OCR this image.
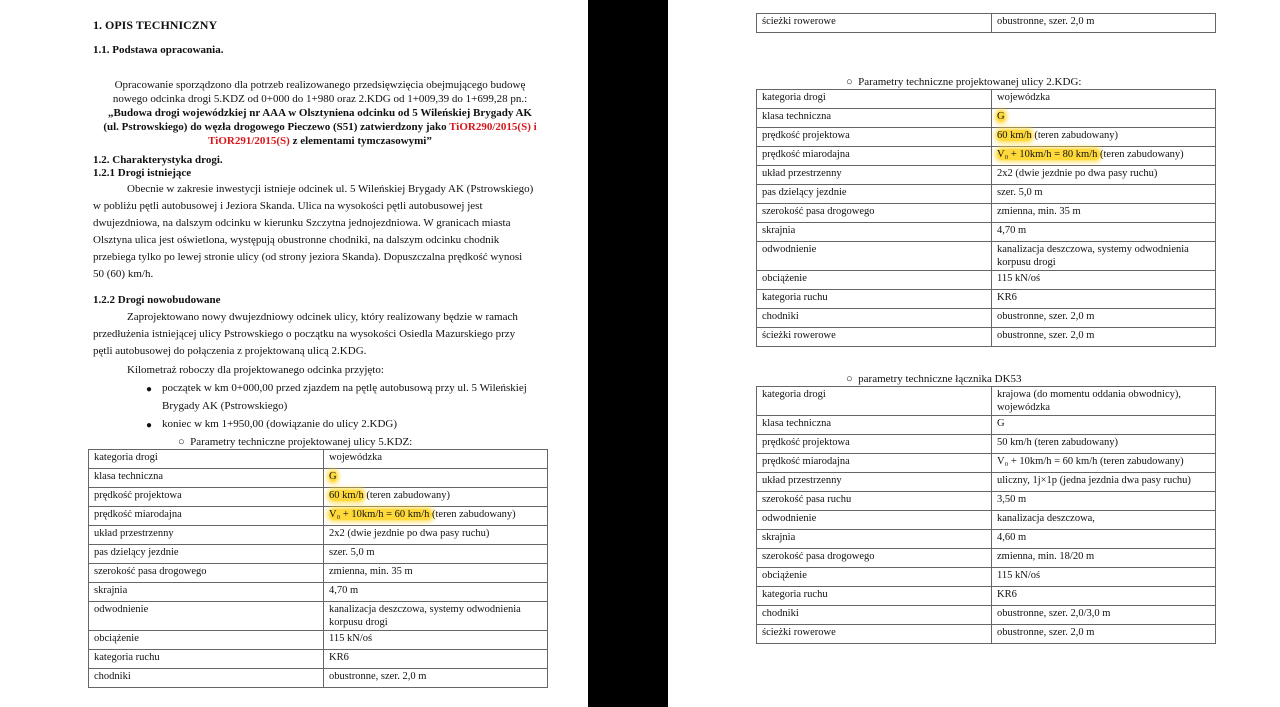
1. OPIS TECHNICZNY
1.1. Podstawa opracowania.
Opracowanie sporządzono dla potrzeb realizowanego przedsięwzięcia obejmującego budowę
nowego odcinka drogi 5.KDZ od 0+000 do 1+980 oraz 2.KDG od 1+009,39 do 1+699,28 pn.:
„Budowa drogi wojewódzkiej nr AAA w Olsztyniena odcinku od 5 Wileńskiej Brygady AK
(ul. Pstrowskiego) do węzła drogowego Pieczewo (S51) zatwierdzony jako TiOR290/2015(S) i
TiOR291/2015(S) z elementami tymczasowymi”
1.2. Charakterystyka drogi.
1.2.1 Drogi istniejące
Obecnie w zakresie inwestycji istnieje odcinek ul. 5 Wileńskiej Brygady AK (Pstrowskiego)
w pobliżu pętli autobusowej i Jeziora Skanda. Ulica na wysokości pętli autobusowej jest
dwujezdniowa, na dalszym odcinku w kierunku Szczytna jednojezdniowa. W granicach miasta
Olsztyna ulica jest oświetlona, występują obustronne chodniki, na dalszym odcinku chodnik
przebiega tylko po lewej stronie ulicy (od strony jeziora Skanda). Dopuszczalna prędkość wynosi
50 (60) km/h.
1.2.2 Drogi nowobudowane
Zaprojektowano nowy dwujezdniowy odcinek ulicy, który realizowany będzie w ramach
przedłużenia istniejącej ulicy Pstrowskiego o początku na wysokości Osiedla Mazurskiego przy
pętli autobusowej do połączenia z projektowaną ulicą 2.KDG.
Kilometraż roboczy dla projektowanego odcinka przyjęto:
● początek w km 0+000,00 przed zjazdem na pętlę autobusową przy ul. 5 Wileńskiej
Brygady AK (Pstrowskiego)
● koniec w km 1+950,00 (dowiązanie do ulicy 2.KDG)
○ Parametry techniczne projektowanej ulicy 5.KDZ:
kategoria drogi	wojewódzka
klasa techniczna	G
prędkość projektowa	60 km/h (teren zabudowany)
prędkość miarodajna	V₀ + 10km/h = 60 km/h (teren zabudowany)
układ przestrzenny	2x2 (dwie jezdnie po dwa pasy ruchu)
pas dzielący jezdnie	szer. 5,0 m
szerokość pasa drogowego	zmienna, min. 35 m
skrajnia	4,70 m
odwodnienie	kanalizacja deszczowa, systemy odwodnienia korpusu drogi
obciążenie	115 kN/oś
kategoria ruchu	KR6
chodniki	obustronne, szer. 2,0 m
ścieżki rowerowe	obustronne, szer. 2,0 m
○ Parametry techniczne projektowanej ulicy 2.KDG:
kategoria drogi	wojewódzka
klasa techniczna	G
prędkość projektowa	60 km/h (teren zabudowany)
prędkość miarodajna	V₀ + 10km/h = 80 km/h (teren zabudowany)
układ przestrzenny	2x2 (dwie jezdnie po dwa pasy ruchu)
pas dzielący jezdnie	szer. 5,0 m
szerokość pasa drogowego	zmienna, min. 35 m
skrajnia	4,70 m
odwodnienie	kanalizacja deszczowa, systemy odwodnienia korpusu drogi
obciążenie	115 kN/oś
kategoria ruchu	KR6
chodniki	obustronne, szer. 2,0 m
ścieżki rowerowe	obustronne, szer. 2,0 m
○ parametry techniczne łącznika DK53
kategoria drogi	krajowa (do momentu oddania obwodnicy), wojewódzka
klasa techniczna	G
prędkość projektowa	50 km/h (teren zabudowany)
prędkość miarodajna	V₀ + 10km/h = 60 km/h (teren zabudowany)
układ przestrzenny	uliczny, 1j×1p (jedna jezdnia dwa pasy ruchu)
szerokość pasa ruchu	3,50 m
odwodnienie	kanalizacja deszczowa,
skrajnia	4,60 m
szerokość pasa drogowego	zmienna, min. 18/20 m
obciążenie	115 kN/oś
kategoria ruchu	KR6
chodniki	obustronne, szer. 2,0/3,0 m
ścieżki rowerowe	obustronne, szer. 2,0 m
